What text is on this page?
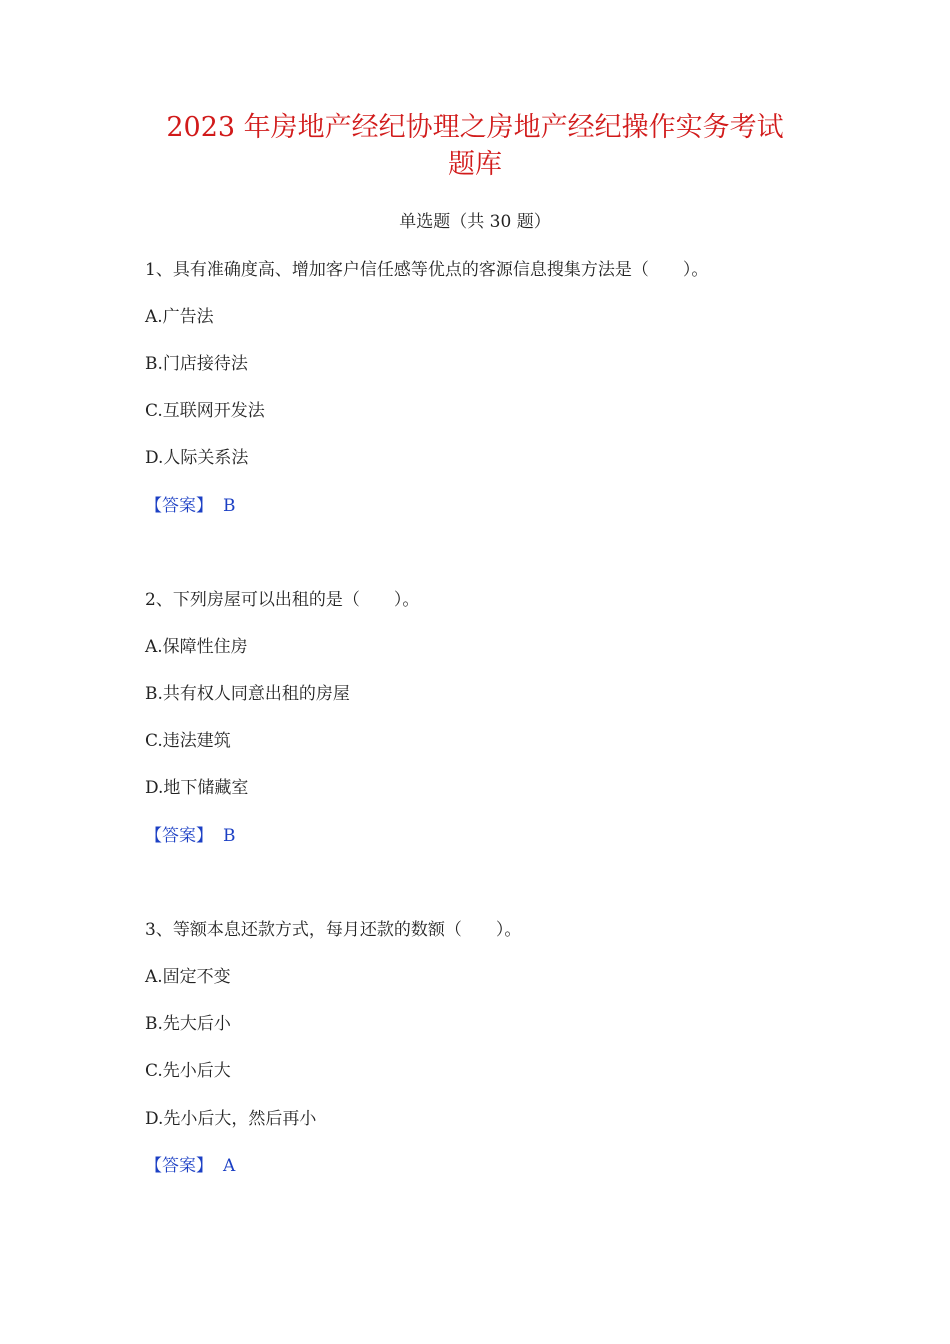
2023 年房地产经纪协理之房地产经纪操作实务考试
题库
单选题（共 30 题）
1、具有准确度高、增加客户信任感等优点的客源信息搜集方法是（　　）。
A.广告法
B.门店接待法
C.互联网开发法
D.人际关系法
【答案】 B
2、下列房屋可以出租的是（　　）。
A.保障性住房
B.共有权人同意出租的房屋
C.违法建筑
D.地下储藏室
【答案】 B
3、等额本息还款方式，每月还款的数额（　　）。
A.固定不变
B.先大后小
C.先小后大
D.先小后大，然后再小
【答案】 A
